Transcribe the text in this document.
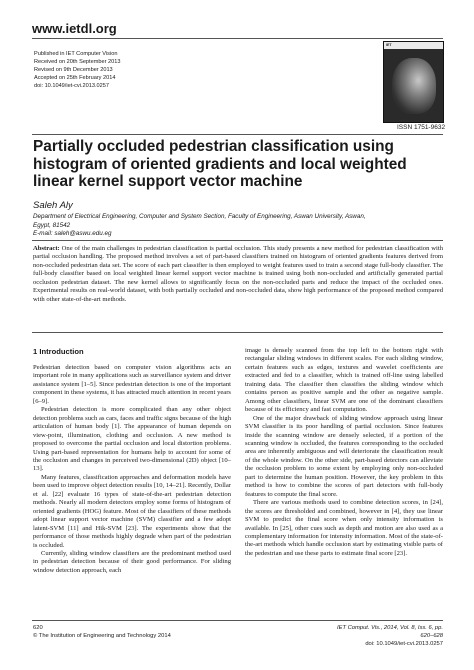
www.ietdl.org
Published in IET Computer Vision
Received on 20th September 2013
Revised on 9th December 2013
Accepted on 25th February 2014
doi: 10.1049/iet-cvi.2013.0257
IET
ISSN 1751-9632
Partially occluded pedestrian classification using
histogram of oriented gradients and local weighted
linear kernel support vector machine
Saleh Aly
Department of Electrical Engineering, Computer and System Section, Faculty of Engineering, Aswan University, Aswan,
Egypt, 81542
E-mail: saleh@aswu.edu.eg
Abstract: One of the main challenges in pedestrian classification is partial occlusion. This study presents a new method for pedestrian classification with partial occlusion handling. The proposed method involves a set of part-based classifiers trained on histogram of oriented gradients features derived from non-occluded pedestrian data set. The score of each part classifier is then employed to weight features used to train a second stage full-body classifier. The full-body classifier based on local weighted linear kernel support vector machine is trained using both non-occluded and artificially generated partial occlusion pedestrian dataset. The new kernel allows to significantly focus on the non-occluded parts and reduce the impact of the occluded ones. Experimental results on real-world dataset, with both partially occluded and non-occluded data, show high performance of the proposed method compared with other state-of-the-art methods.
1 Introduction

Pedestrian detection based on computer vision algorithms acts an important role in many applications such as surveillance system and driver assistance system [1–5]. Since pedestrian detection is one of the important component in these systems, it has attracted much attention in recent years [6–9].

Pedestrian detection is more complicated than any other object detection problems such as cars, faces and traffic signs because of the high articulation of human body [1]. The appearance of human depends on view-point, illumination, clothing and occlusion. A new method is proposed to overcome the partial occlusion and local distortion problems. Using part-based representation for humans help to account for some of the occlusion and changes in perceived two-dimensional (2D) object [10–13].

Many features, classification approaches and deformation models have been used to improve object detection results [10, 14–21]. Recently, Dollar et al. [22] evaluate 16 types of state-of-the-art pedestrian detection methods. Nearly all modern detectors employ some forms of histogram of oriented gradients (HOG) feature. Most of the classifiers of these methods adopt linear support vector machine (SVM) classifier and a few adopt latent-SVM [11] and Hik-SVM [23]. The experiments show that the performance of those methods highly degrade when part of the pedestrian is occluded.

Currently, sliding window classifiers are the predominant method used in pedestrian detection because of their good performance. For sliding window detection approach, each

image is densely scanned from the top left to the bottom right with rectangular sliding windows in different scales. For each sliding window, certain features such as edges, textures and wavelet coefficients are extracted and fed to a classifier, which is trained off-line using labelled training data. The classifier then classifies the sliding window which contains person as positive sample and the other as negative sample. Among other classifiers, linear SVM are one of the dominant classifiers because of its efficiency and fast computation.

One of the major drawback of sliding window approach using linear SVM classifier is its poor handling of partial occlusion. Since features inside the scanning window are densely selected, if a portion of the scanning window is occluded, the features corresponding to the occluded area are inherently ambiguous and will deteriorate the classification result of the whole window. On the other side, part-based detectors can alleviate the occlusion problem to some extent by employing only non-occluded part to determine the human position. However, the key problem in this method is how to combine the scores of part detectors with full-body features to compute the final score.

There are various methods used to combine detection scores, in [24], the scores are thresholded and combined, however in [4], they use linear SVM to predict the final score when only intensity information is available. In [25], other cues such as depth and motion are also used as a complementary information for intensity information. Most of the state-of-the-art methods which handle occlusion start by estimating visible parts of the pedestrian and use these parts to estimate final score [23].

620
© The Institution of Engineering and Technology 2014
IET Comput. Vis., 2014, Vol. 8, Iss. 6, pp. 620–628
doi: 10.1049/iet-cvi.2013.0257
